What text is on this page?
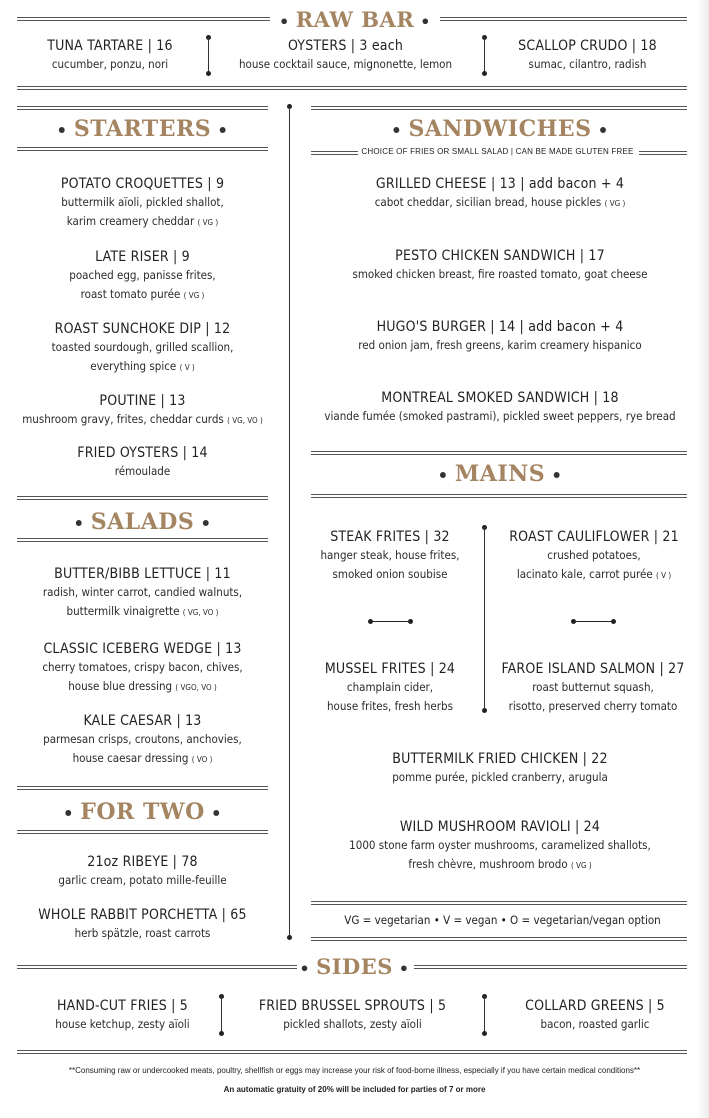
• RAW BAR •
TUNA TARTARE | 16
cucumber, ponzu, nori
OYSTERS | 3 each
house cocktail sauce, mignonette, lemon
SCALLOP CRUDO | 18
sumac, cilantro, radish
• STARTERS •
POTATO CROQUETTES | 9
buttermilk aïoli, pickled shallot,
karim creamery cheddar ( VG )
LATE RISER | 9
poached egg, panisse frites,
roast tomato purée ( VG )
ROAST SUNCHOKE DIP | 12
toasted sourdough, grilled scallion,
everything spice ( V )
POUTINE | 13
mushroom gravy, frites, cheddar curds ( VG, VO )
FRIED OYSTERS | 14
rémoulade
• SALADS •
BUTTER/BIBB LETTUCE | 11
radish, winter carrot, candied walnuts,
buttermilk vinaigrette ( VG, VO )
CLASSIC ICEBERG WEDGE | 13
cherry tomatoes, crispy bacon, chives,
house blue dressing ( VGO, VO )
KALE CAESAR | 13
parmesan crisps, croutons, anchovies,
house caesar dressing ( VO )
• FOR TWO •
21oz RIBEYE | 78
garlic cream, potato mille-feuille
WHOLE RABBIT PORCHETTA | 65
herb spätzle, roast carrots
• SANDWICHES •
CHOICE OF FRIES OR SMALL SALAD | CAN BE MADE GLUTEN FREE
GRILLED CHEESE | 13 | add bacon + 4
cabot cheddar, sicilian bread, house pickles ( VG )
PESTO CHICKEN SANDWICH | 17
smoked chicken breast, fire roasted tomato, goat cheese
HUGO'S BURGER | 14 | add bacon + 4
red onion jam, fresh greens, karim creamery hispanico
MONTREAL SMOKED SANDWICH | 18
viande fumée (smoked pastrami), pickled sweet peppers, rye bread
• MAINS •
STEAK FRITES | 32
hanger steak, house frites,
smoked onion soubise
ROAST CAULIFLOWER | 21
crushed potatoes,
lacinato kale, carrot purée ( V )
MUSSEL FRITES | 24
champlain cider,
house frites, fresh herbs
FAROE ISLAND SALMON | 27
roast butternut squash,
risotto, preserved cherry tomato
BUTTERMILK FRIED CHICKEN | 22
pomme purée, pickled cranberry, arugula
WILD MUSHROOM RAVIOLI | 24
1000 stone farm oyster mushrooms, caramelized shallots,
fresh chèvre, mushroom brodo ( VG )
VG = vegetarian • V = vegan • O = vegetarian/vegan option
• SIDES •
HAND-CUT FRIES | 5
house ketchup, zesty aïoli
FRIED BRUSSEL SPROUTS | 5
pickled shallots, zesty aïoli
COLLARD GREENS | 5
bacon, roasted garlic
**Consuming raw or undercooked meats, poultry, shellfish or eggs may increase your risk of food-borne illness, especially if you have certain medical conditions**
An automatic gratuity of 20% will be included for parties of 7 or more
